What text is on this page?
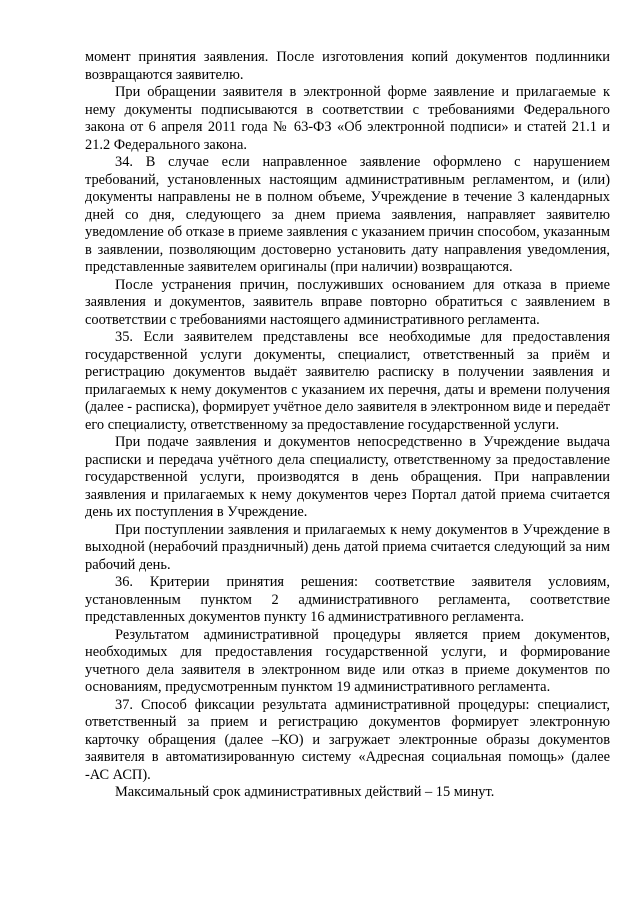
момент принятия заявления. После изготовления копий документов подлинники возвращаются заявителю.

При обращении заявителя в электронной форме заявление и прилагаемые к нему документы подписываются в соответствии с требованиями Федерального закона от 6 апреля 2011 года № 63-ФЗ «Об электронной подписи» и статей 21.1 и 21.2 Федерального закона.

34. В случае если направленное заявление оформлено с нарушением требований, установленных настоящим административным регламентом, и (или) документы направлены не в полном объеме, Учреждение в течение 3 календарных дней со дня, следующего за днем приема заявления, направляет заявителю уведомление об отказе в приеме заявления с указанием причин способом, указанным в заявлении, позволяющим достоверно установить дату направления уведомления, представленные заявителем оригиналы (при наличии) возвращаются.

После устранения причин, послуживших основанием для отказа в приеме заявления и документов, заявитель вправе повторно обратиться с заявлением в соответствии с требованиями настоящего административного регламента.

35. Если заявителем представлены все необходимые для предоставления государственной услуги документы, специалист, ответственный за приём и регистрацию документов выдаёт заявителю расписку в получении заявления и прилагаемых к нему документов с указанием их перечня, даты и времени получения (далее - расписка), формирует учётное дело заявителя в электронном виде и передаёт его специалисту, ответственному за предоставление государственной услуги.

При подаче заявления и документов непосредственно в Учреждение выдача расписки и передача учётного дела специалисту, ответственному за предоставление государственной услуги, производятся в день обращения. При направлении заявления и прилагаемых к нему документов через Портал датой приема считается день их поступления в Учреждение.

При поступлении заявления и прилагаемых к нему документов в Учреждение в выходной (нерабочий праздничный) день датой приема считается следующий за ним рабочий день.

36. Критерии принятия решения: соответствие заявителя условиям, установленным пунктом 2 административного регламента, соответствие представленных документов пункту 16 административного регламента.

Результатом административной процедуры является прием документов, необходимых для предоставления государственной услуги, и формирование учетного дела заявителя в электронном виде или отказ в приеме документов по основаниям, предусмотренным пунктом 19 административного регламента.

37. Способ фиксации результата административной процедуры: специалист, ответственный за прием и регистрацию документов формирует электронную карточку обращения (далее –КО) и загружает электронные образы документов заявителя в автоматизированную систему «Адресная социальная помощь» (далее -АС АСП).

Максимальный срок административных действий – 15 минут.
